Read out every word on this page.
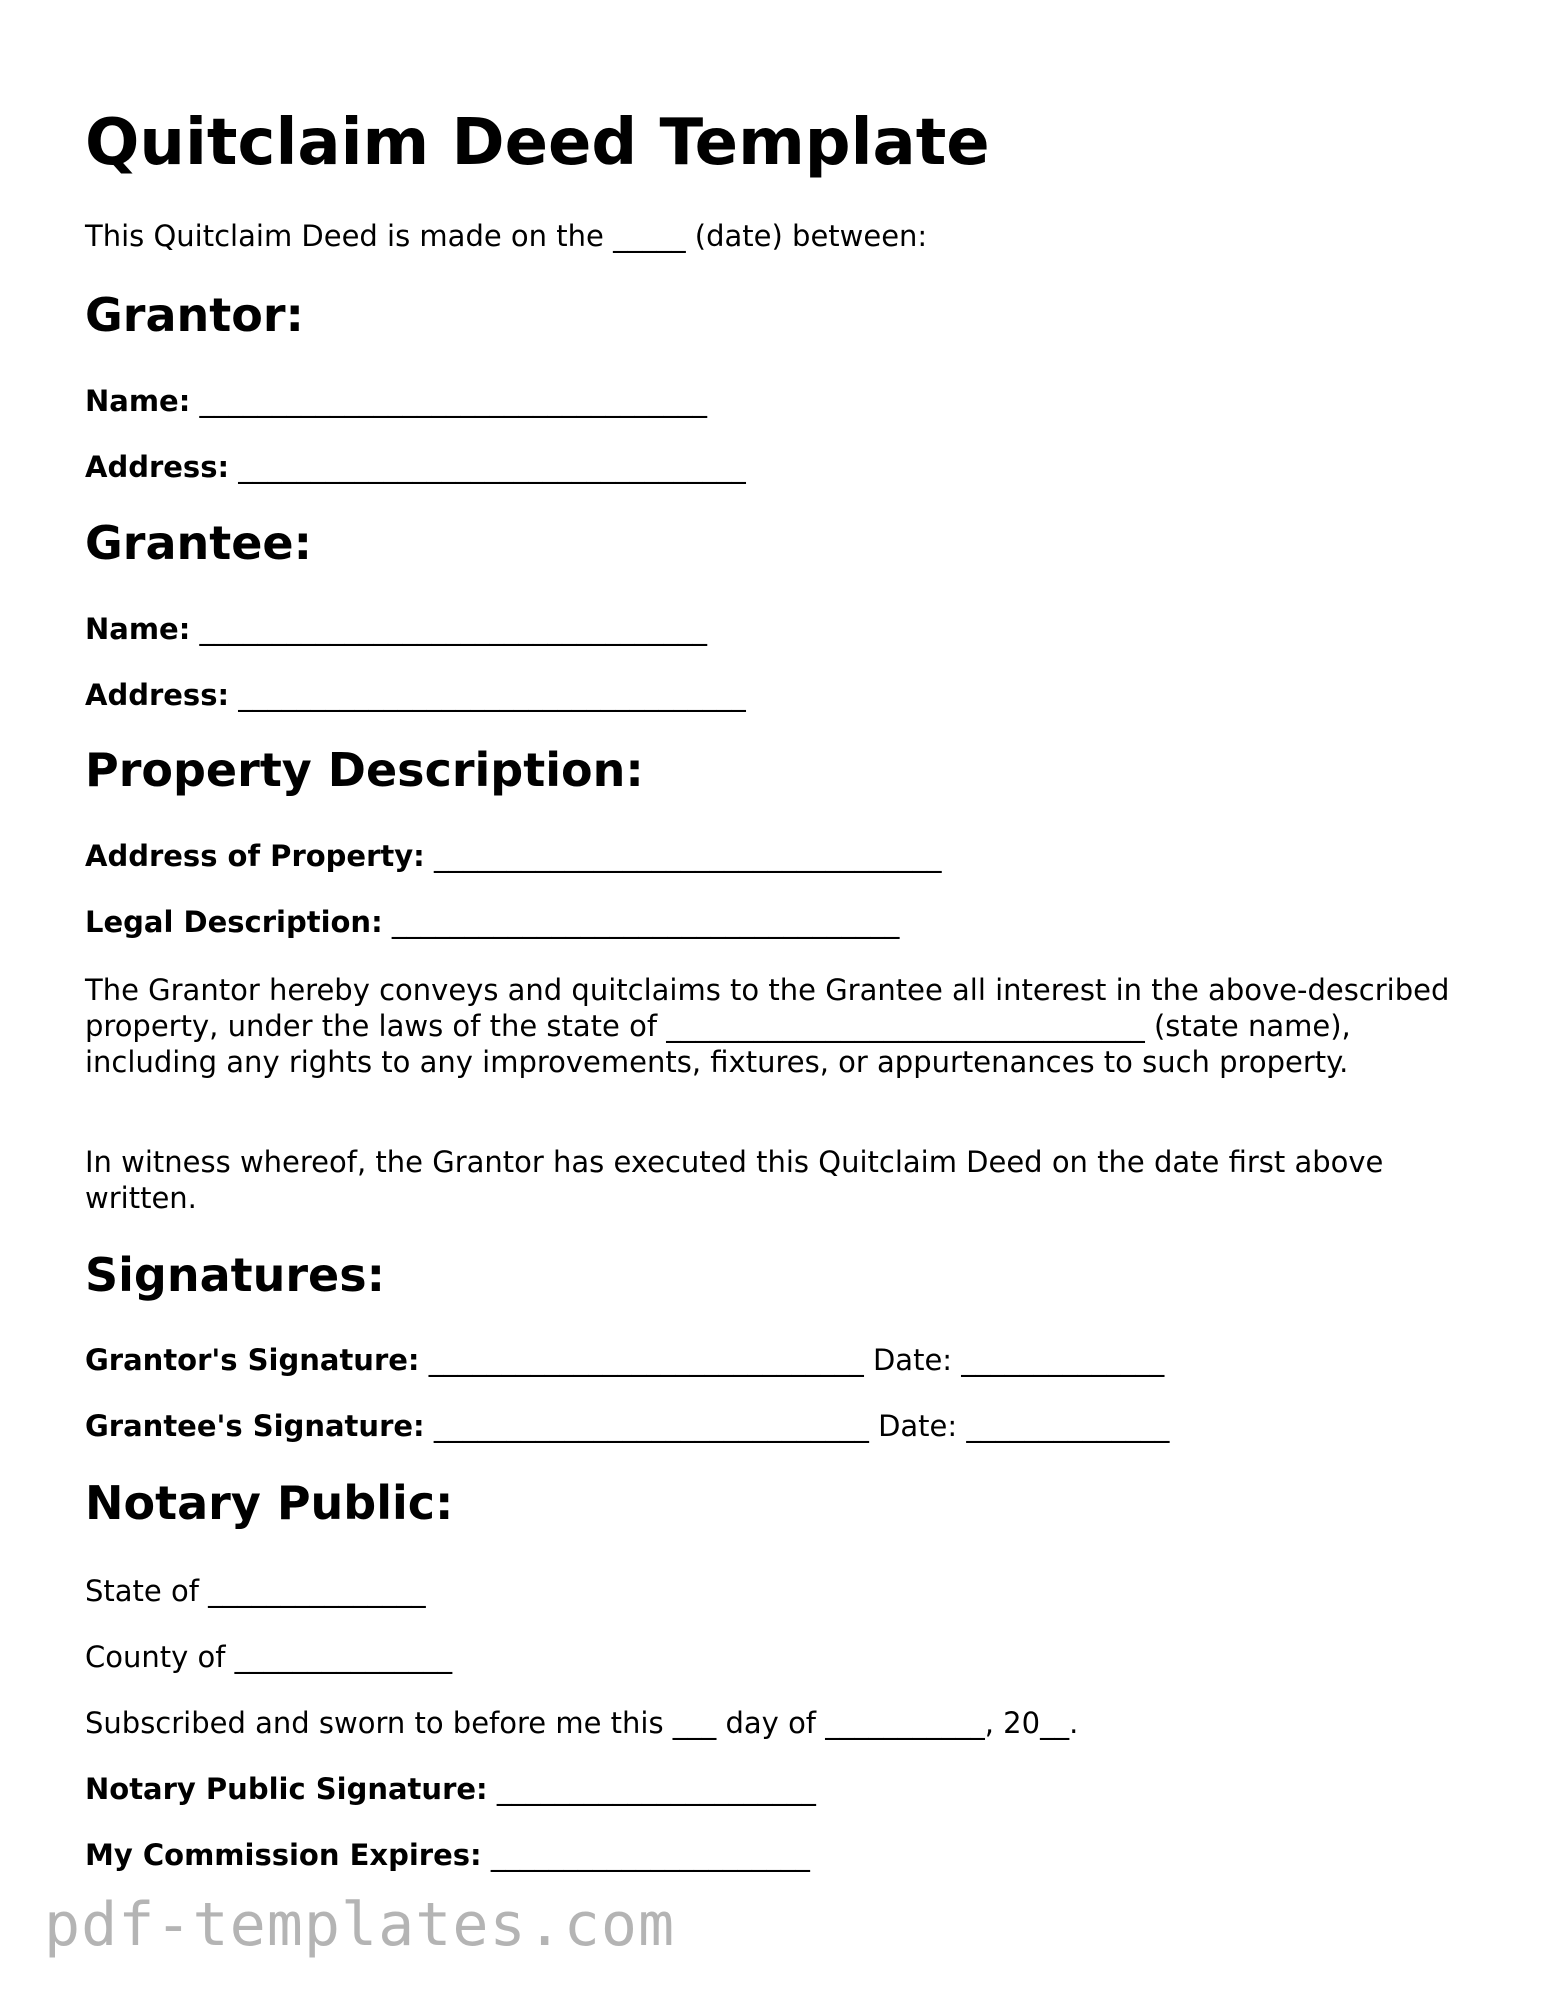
Quitclaim Deed Template

This Quitclaim Deed is made on the _____ (date) between:

Grantor:

Name: ___________________________________

Address: ___________________________________

Grantee:

Name: ___________________________________

Address: ___________________________________

Property Description:

Address of Property: ___________________________________

Legal Description: ___________________________________

The Grantor hereby conveys and quitclaims to the Grantee all interest in the above-described property, under the laws of the state of _________________________________ (state name), including any rights to any improvements, fixtures, or appurtenances to such property.

In witness whereof, the Grantor has executed this Quitclaim Deed on the date first above written.

Signatures:

Grantor's Signature: ______________________________ Date: ______________

Grantee's Signature: ______________________________ Date: ______________

Notary Public:

State of _______________

County of _______________

Subscribed and sworn to before me this ___ day of ___________, 20__.

Notary Public Signature: ______________________

My Commission Expires: ______________________

pdf-templates.com
